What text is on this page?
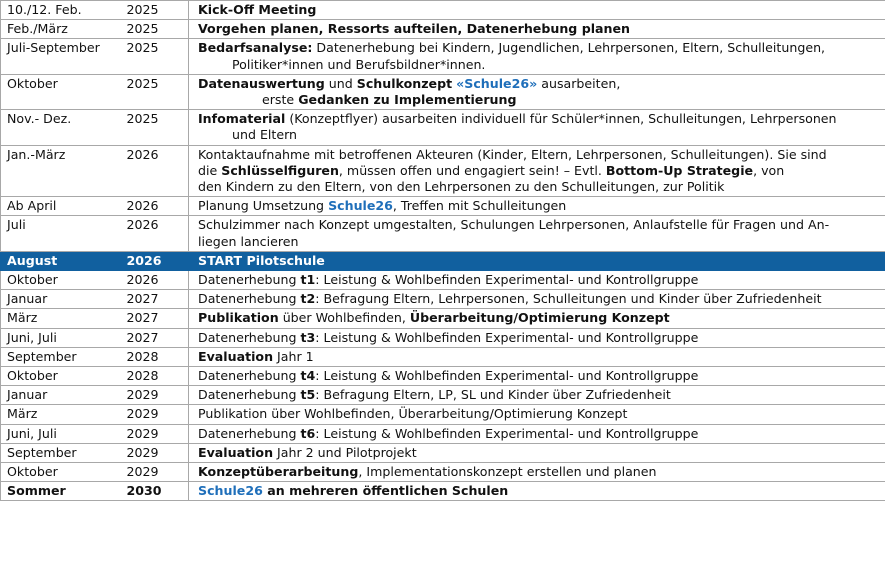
10./12. Feb.	2025	Kick-Off Meeting
Feb./März	2025	Vorgehen planen, Ressorts aufteilen, Datenerhebung planen
Juli-September	2025	Bedarfsanalyse: Datenerhebung bei Kindern, Jugendlichen, Lehrpersonen, Eltern, Schulleitungen,
Politiker*innen und Berufsbildner*innen.

Oktober	2025	Datenauswertung und Schulkonzept «Schule26» ausarbeiten,
erste Gedanken zu Implementierung

Nov.- Dez.	2025	Infomaterial (Konzeptflyer) ausarbeiten individuell für Schüler*innen, Schulleitungen, Lehrpersonen
und Eltern

Jan.-März	2026	Kontaktaufnahme mit betroffenen Akteuren (Kinder, Eltern, Lehrpersonen, Schulleitungen). Sie sind
die Schlüsselfiguren, müssen offen und engagiert sein! – Evtl. Bottom-Up Strategie, von
den Kindern zu den Eltern, von den Lehrpersonen zu den Schulleitungen, zur Politik

Ab April	2026	Planung Umsetzung Schule26, Treffen mit Schulleitungen
Juli	2026	Schulzimmer nach Konzept umgestalten, Schulungen Lehrpersonen, Anlaufstelle für Fragen und An-
liegen lancieren

August	2026	START Pilotschule
Oktober	2026	Datenerhebung t1: Leistung & Wohlbefinden Experimental- und Kontrollgruppe
Januar	2027	Datenerhebung t2: Befragung Eltern, Lehrpersonen, Schulleitungen und Kinder über Zufriedenheit
März	2027	Publikation über Wohlbefinden, Überarbeitung/Optimierung Konzept
Juni, Juli	2027	Datenerhebung t3: Leistung & Wohlbefinden Experimental- und Kontrollgruppe
September	2028	Evaluation Jahr 1
Oktober	2028	Datenerhebung t4: Leistung & Wohlbefinden Experimental- und Kontrollgruppe
Januar	2029	Datenerhebung t5: Befragung Eltern, LP, SL und Kinder über Zufriedenheit
März	2029	Publikation über Wohlbefinden, Überarbeitung/Optimierung Konzept
Juni, Juli	2029	Datenerhebung t6: Leistung & Wohlbefinden Experimental- und Kontrollgruppe
September	2029	Evaluation Jahr 2 und Pilotprojekt
Oktober	2029	Konzeptüberarbeitung, Implementationskonzept erstellen und planen
Sommer	2030	Schule26 an mehreren öffentlichen Schulen
